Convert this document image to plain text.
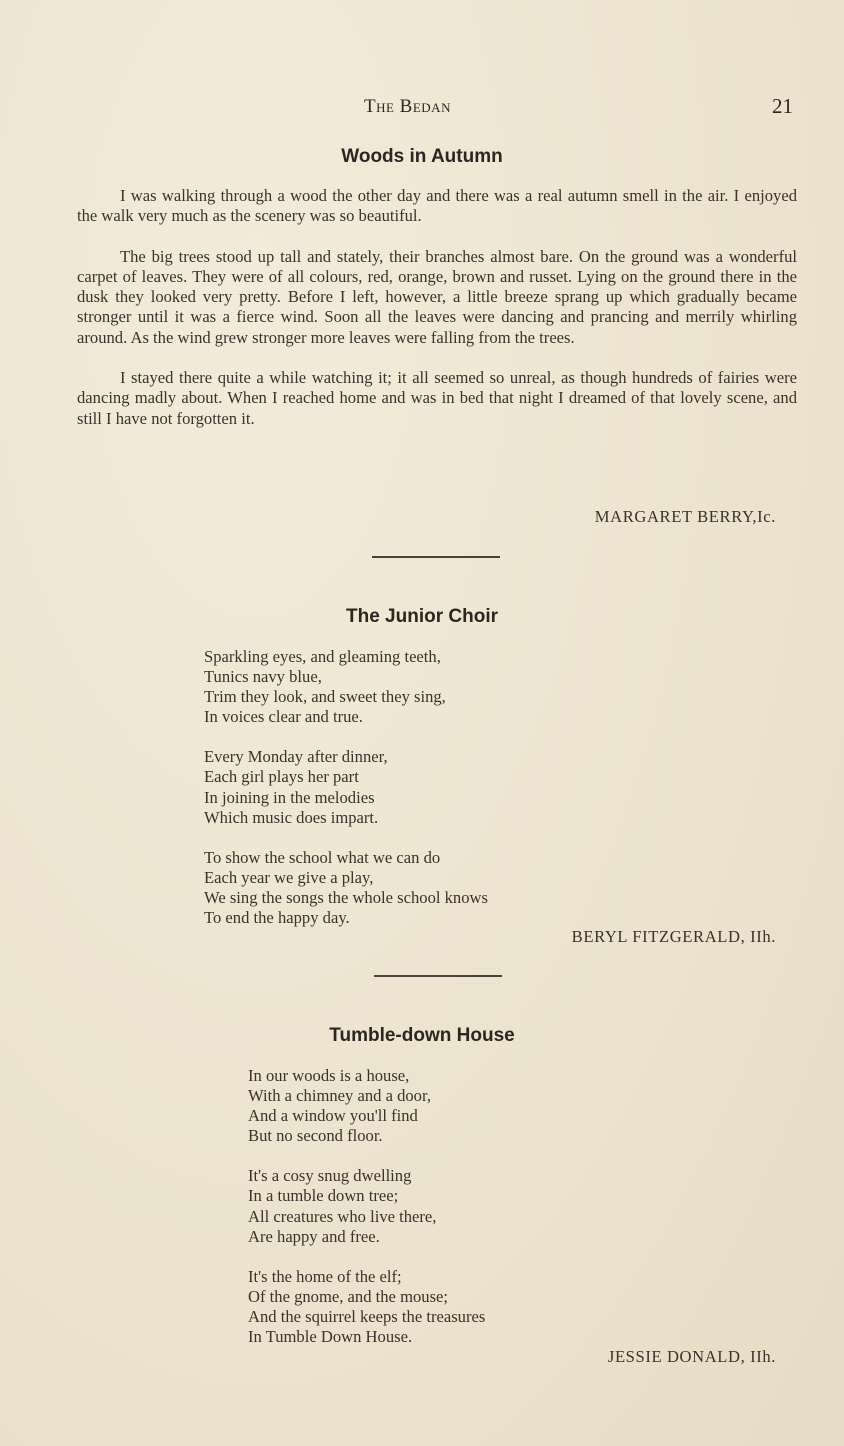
The Bedan	21
Woods in Autumn

I was walking through a wood the other day and there was a real autumn smell in the air. I enjoyed the walk very much as the scenery was so beautiful.

The big trees stood up tall and stately, their branches almost bare. On the ground was a wonderful carpet of leaves. They were of all colours, red, orange, brown and russet. Lying on the ground there in the dusk they looked very pretty. Before I left, however, a little breeze sprang up which gradually became stronger until it was a fierce wind. Soon all the leaves were dancing and prancing and merrily whirling around. As the wind grew stronger more leaves were falling from the trees.

I stayed there quite a while watching it; it all seemed so unreal, as though hundreds of fairies were dancing madly about. When I reached home and was in bed that night I dreamed of that lovely scene, and still I have not forgotten it.

MARGARET BERRY,Ic.
The Junior Choir
Sparkling eyes, and gleaming teeth,
Tunics navy blue,
Trim they look, and sweet they sing,
In voices clear and true.
Every Monday after dinner,
Each girl plays her part
In joining in the melodies
Which music does impart.
To show the school what we can do
Each year we give a play,
We sing the songs the whole school knows
To end the happy day.
BERYL FITZGERALD, IIh.
Tumble-down House
In our woods is a house,
With a chimney and a door,
And a window you'll find
But no second floor.
It's a cosy snug dwelling
In a tumble down tree;
All creatures who live there,
Are happy and free.
It's the home of the elf;
Of the gnome, and the mouse;
And the squirrel keeps the treasures
In Tumble Down House.
JESSIE DONALD, IIh.
